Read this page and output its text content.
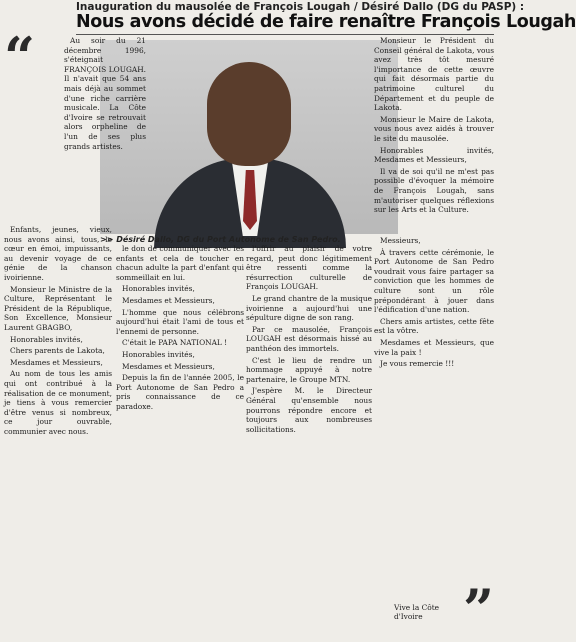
“
Inauguration du mausolée de François Lougah / Désiré Dallo (DG du PASP) :
Nous avons décidé de faire renaître François Lougah
>> Désiré Dallo, DG du Port Autonome de San Pedro.

Au soir du 21 décembre 1996, s'éteignait FRANÇOIS LOUGAH. Il n'avait que 54 ans mais déjà au sommet d'une riche carrière musicale. La Côte d'Ivoire se retrouvait alors orpheline de l'un de ses plus grands artistes.

Enfants, jeunes, vieux, nous avons ainsi, tous, le cœur en émoi, impuissants, au devenir voyage de ce génie de la chanson ivoirienne.

Monsieur le Ministre de la Culture, Représentant le Président de la République, Son Excellence, Monsieur Laurent GBAGBO,

Honorables invités,

Chers parents de Lakota,

Mesdames et Messieurs,

Au nom de tous les amis qui ont contribué à la réalisation de ce monument, je tiens à vous remercier d'être venus si nombreux, ce jour ouvrable, communier avec nous.

le don de communiquer avec les enfants et cela de toucher en chacun adulte la part d'enfant qui sommeillait en lui.

Honorables invités,

Mesdames et Messieurs,

L'homme que nous célébrons aujourd'hui était l'ami de tous et l'ennemi de personne.

C'était le PAPA NATIONAL !

Honorables invités,

Mesdames et Messieurs,

Depuis la fin de l'année 2005, le Port Autonome de San Pedro a pris connaissance de ce paradoxe.

l'offrir au plaisir de votre regard, peut donc légitimement être ressenti comme la résurrection culturelle de François LOUGAH.

Le grand chantre de la musique ivoirienne a aujourd'hui une sépulture digne de son rang.

Par ce mausolée, François LOUGAH est désormais hissé au panthéon des immortels.

C'est le lieu de rendre un hommage appuyé à notre partenaire, le Groupe MTN.

J'espère M. le Directeur Général qu'ensemble nous pourrons répondre encore et toujours aux nombreuses sollicitations.

Monsieur le Président du Conseil général de Lakota, vous avez très tôt mesuré l'importance de cette œuvre qui fait désormais partie du patrimoine culturel du Département et du peuple de Lakota.

Monsieur le Maire de Lakota, vous nous avez aidés à trouver le site du mausolée.

Honorables invités, Mesdames et Messieurs,

Il va de soi qu'il ne m'est pas possible d'évoquer la mémoire de François Lougah, sans m'autoriser quelques réflexions sur les Arts et la Culture.

Messieurs,

À travers cette cérémonie, le Port Autonome de San Pedro voudrait vous faire partager sa conviction que les hommes de culture sont un rôle prépondérant à jouer dans l'édification d'une nation.

Chers amis artistes, cette fête est la vôtre.

Mesdames et Messieurs, que vive la paix !

Je vous remercie !!!

Vive la Côte d'Ivoire ”
